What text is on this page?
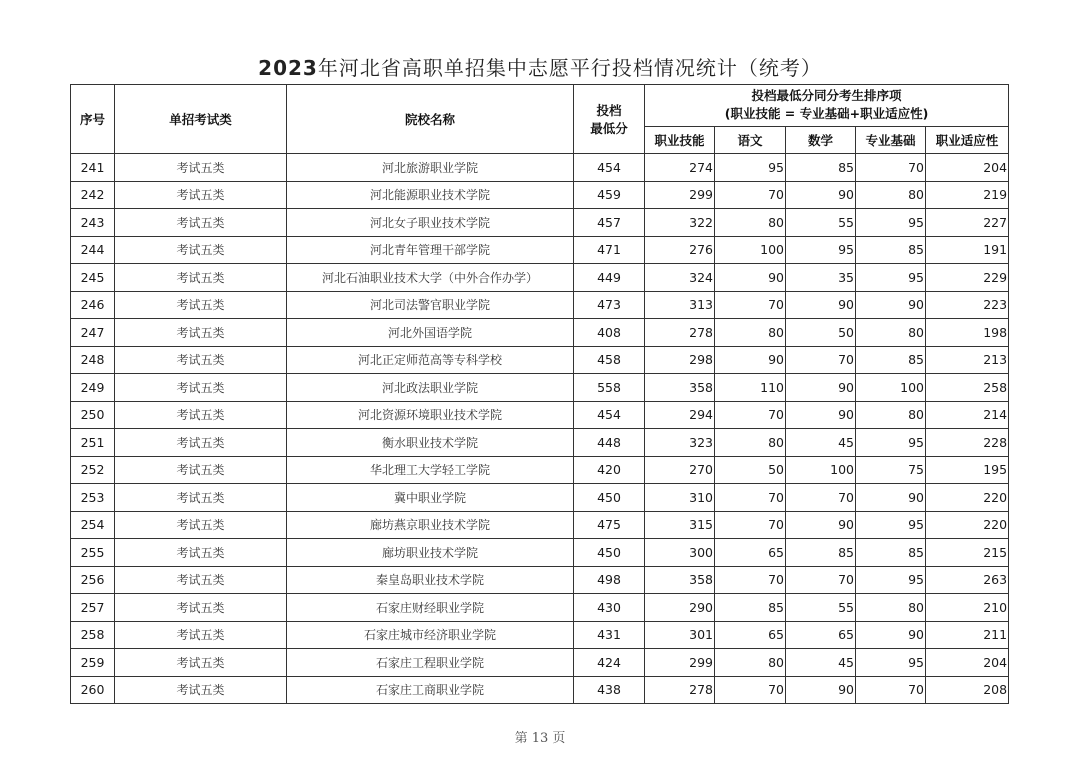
2023年河北省高职单招集中志愿平行投档情况统计（统考）
序号	单招考试类	院校名称	
投档
最低分

投档最低分同分考生排序项
(职业技能 = 专业基础+职业适应性)

				职业技能	语文	数学	专业基础	职业适应性
241	考试五类	河北旅游职业学院	454	274	95	85	70	204
242	考试五类	河北能源职业技术学院	459	299	70	90	80	219
243	考试五类	河北女子职业技术学院	457	322	80	55	95	227
244	考试五类	河北青年管理干部学院	471	276	100	95	85	191
245	考试五类	河北石油职业技术大学（中外合作办学）	449	324	90	35	95	229
246	考试五类	河北司法警官职业学院	473	313	70	90	90	223
247	考试五类	河北外国语学院	408	278	80	50	80	198
248	考试五类	河北正定师范高等专科学校	458	298	90	70	85	213
249	考试五类	河北政法职业学院	558	358	110	90	100	258
250	考试五类	河北资源环境职业技术学院	454	294	70	90	80	214
251	考试五类	衡水职业技术学院	448	323	80	45	95	228
252	考试五类	华北理工大学轻工学院	420	270	50	100	75	195
253	考试五类	冀中职业学院	450	310	70	70	90	220
254	考试五类	廊坊燕京职业技术学院	475	315	70	90	95	220
255	考试五类	廊坊职业技术学院	450	300	65	85	85	215
256	考试五类	秦皇岛职业技术学院	498	358	70	70	95	263
257	考试五类	石家庄财经职业学院	430	290	85	55	80	210
258	考试五类	石家庄城市经济职业学院	431	301	65	65	90	211
259	考试五类	石家庄工程职业学院	424	299	80	45	95	204
260	考试五类	石家庄工商职业学院	438	278	70	90	70	208
第 13 页
